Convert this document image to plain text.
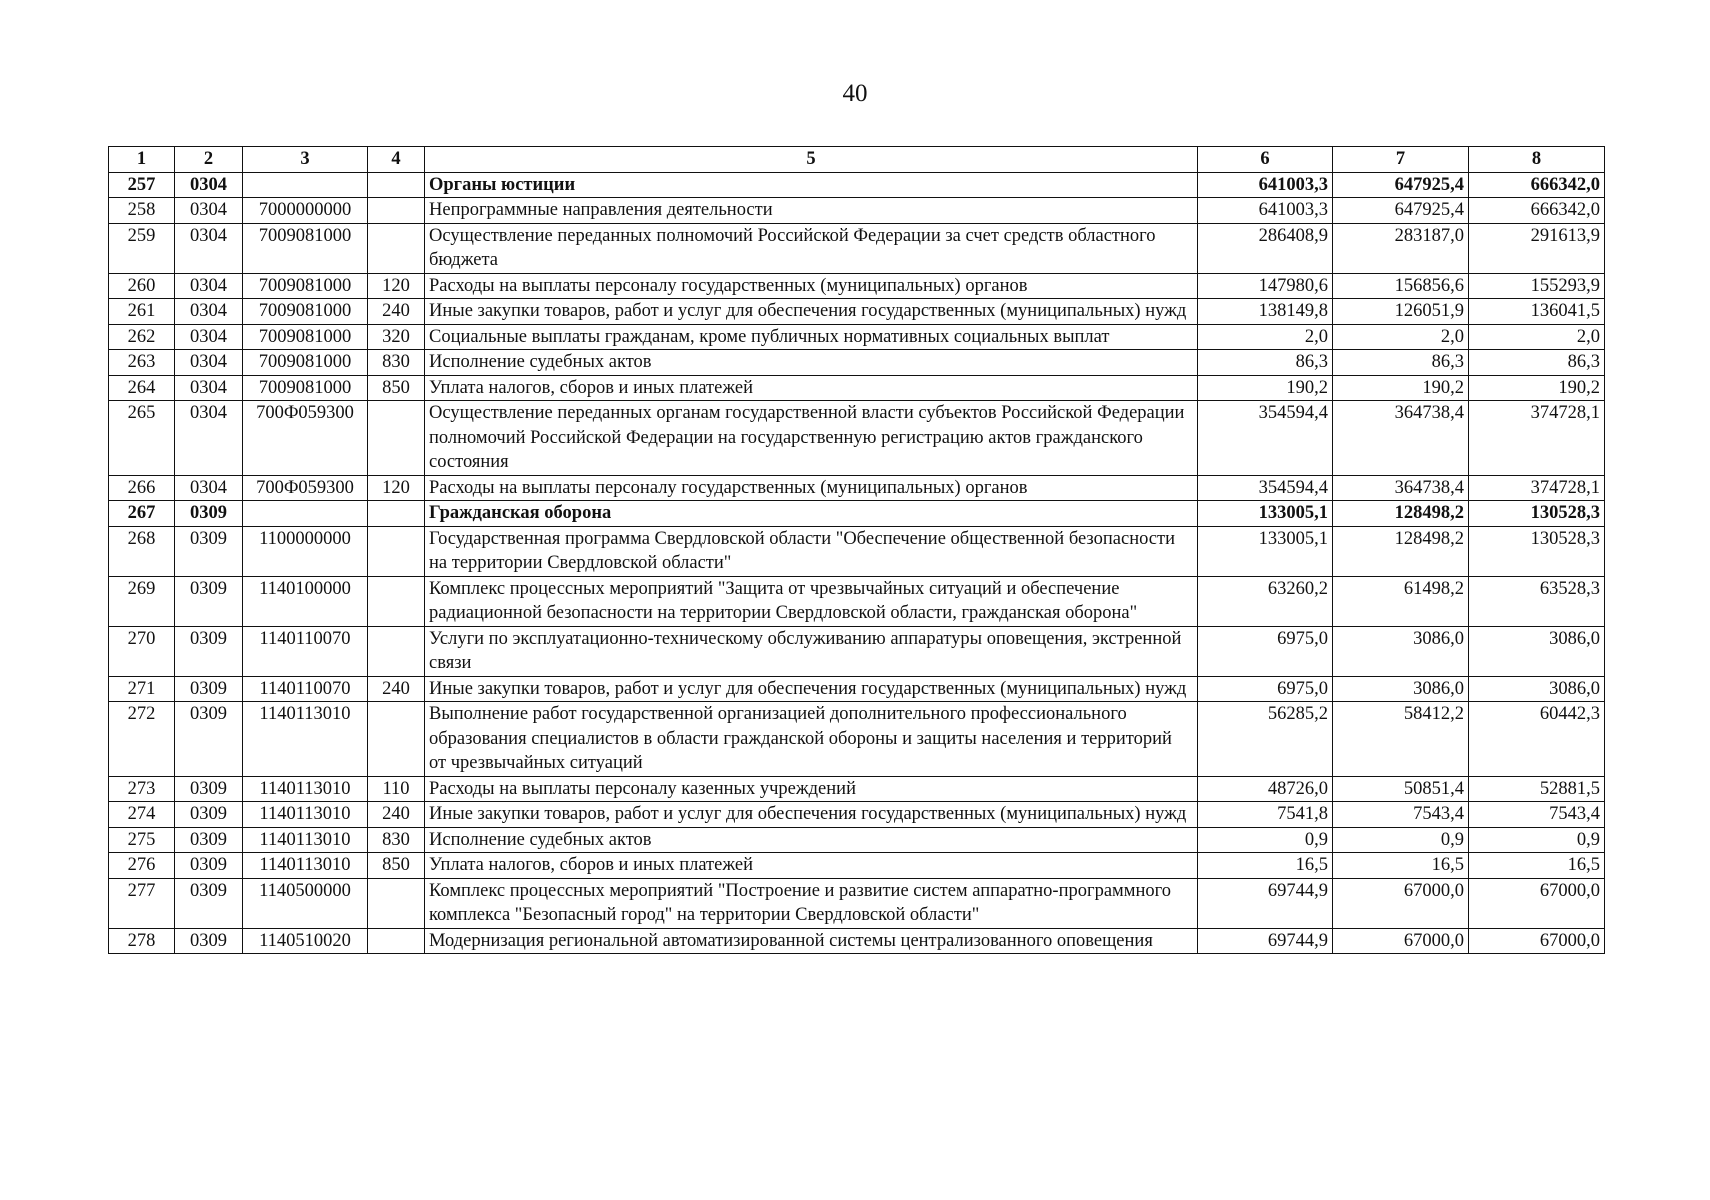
40
1	2	3	4	5	6	7	8
257	0304			Органы юстиции	641003,3	647925,4	666342,0
258	0304	7000000000		Непрограммные направления деятельности	641003,3	647925,4	666342,0
259	0304	7009081000		Осуществление переданных полномочий Российской Федерации за счет средств областного бюджета	286408,9	283187,0	291613,9
260	0304	7009081000	120	Расходы на выплаты персоналу государственных (муниципальных) органов	147980,6	156856,6	155293,9
261	0304	7009081000	240	Иные закупки товаров, работ и услуг для обеспечения государственных (муниципальных) нужд	138149,8	126051,9	136041,5
262	0304	7009081000	320	Социальные выплаты гражданам, кроме публичных нормативных социальных выплат	2,0	2,0	2,0
263	0304	7009081000	830	Исполнение судебных актов	86,3	86,3	86,3
264	0304	7009081000	850	Уплата налогов, сборов и иных платежей	190,2	190,2	190,2
265	0304	700Ф059300		Осуществление переданных органам государственной власти субъектов Российской Федерации полномочий Российской Федерации на государственную регистрацию актов гражданского состояния	354594,4	364738,4	374728,1
266	0304	700Ф059300	120	Расходы на выплаты персоналу государственных (муниципальных) органов	354594,4	364738,4	374728,1
267	0309			Гражданская оборона	133005,1	128498,2	130528,3
268	0309	1100000000		Государственная программа Свердловской области "Обеспечение общественной безопасности на территории Свердловской области"	133005,1	128498,2	130528,3
269	0309	1140100000		Комплекс процессных мероприятий "Защита от чрезвычайных ситуаций и обеспечение радиационной безопасности на территории Свердловской области, гражданская оборона"	63260,2	61498,2	63528,3
270	0309	1140110070		Услуги по эксплуатационно-техническому обслуживанию аппаратуры оповещения, экстренной связи	6975,0	3086,0	3086,0
271	0309	1140110070	240	Иные закупки товаров, работ и услуг для обеспечения государственных (муниципальных) нужд	6975,0	3086,0	3086,0
272	0309	1140113010		Выполнение работ государственной организацией дополнительного профессионального образования специалистов в области гражданской обороны и защиты населения и территорий от чрезвычайных ситуаций	56285,2	58412,2	60442,3
273	0309	1140113010	110	Расходы на выплаты персоналу казенных учреждений	48726,0	50851,4	52881,5
274	0309	1140113010	240	Иные закупки товаров, работ и услуг для обеспечения государственных (муниципальных) нужд	7541,8	7543,4	7543,4
275	0309	1140113010	830	Исполнение судебных актов	0,9	0,9	0,9
276	0309	1140113010	850	Уплата налогов, сборов и иных платежей	16,5	16,5	16,5
277	0309	1140500000		Комплекс процессных мероприятий "Построение и развитие систем аппаратно-программного комплекса "Безопасный город" на территории Свердловской области"	69744,9	67000,0	67000,0
278	0309	1140510020		Модернизация региональной автоматизированной системы централизованного оповещения	69744,9	67000,0	67000,0
